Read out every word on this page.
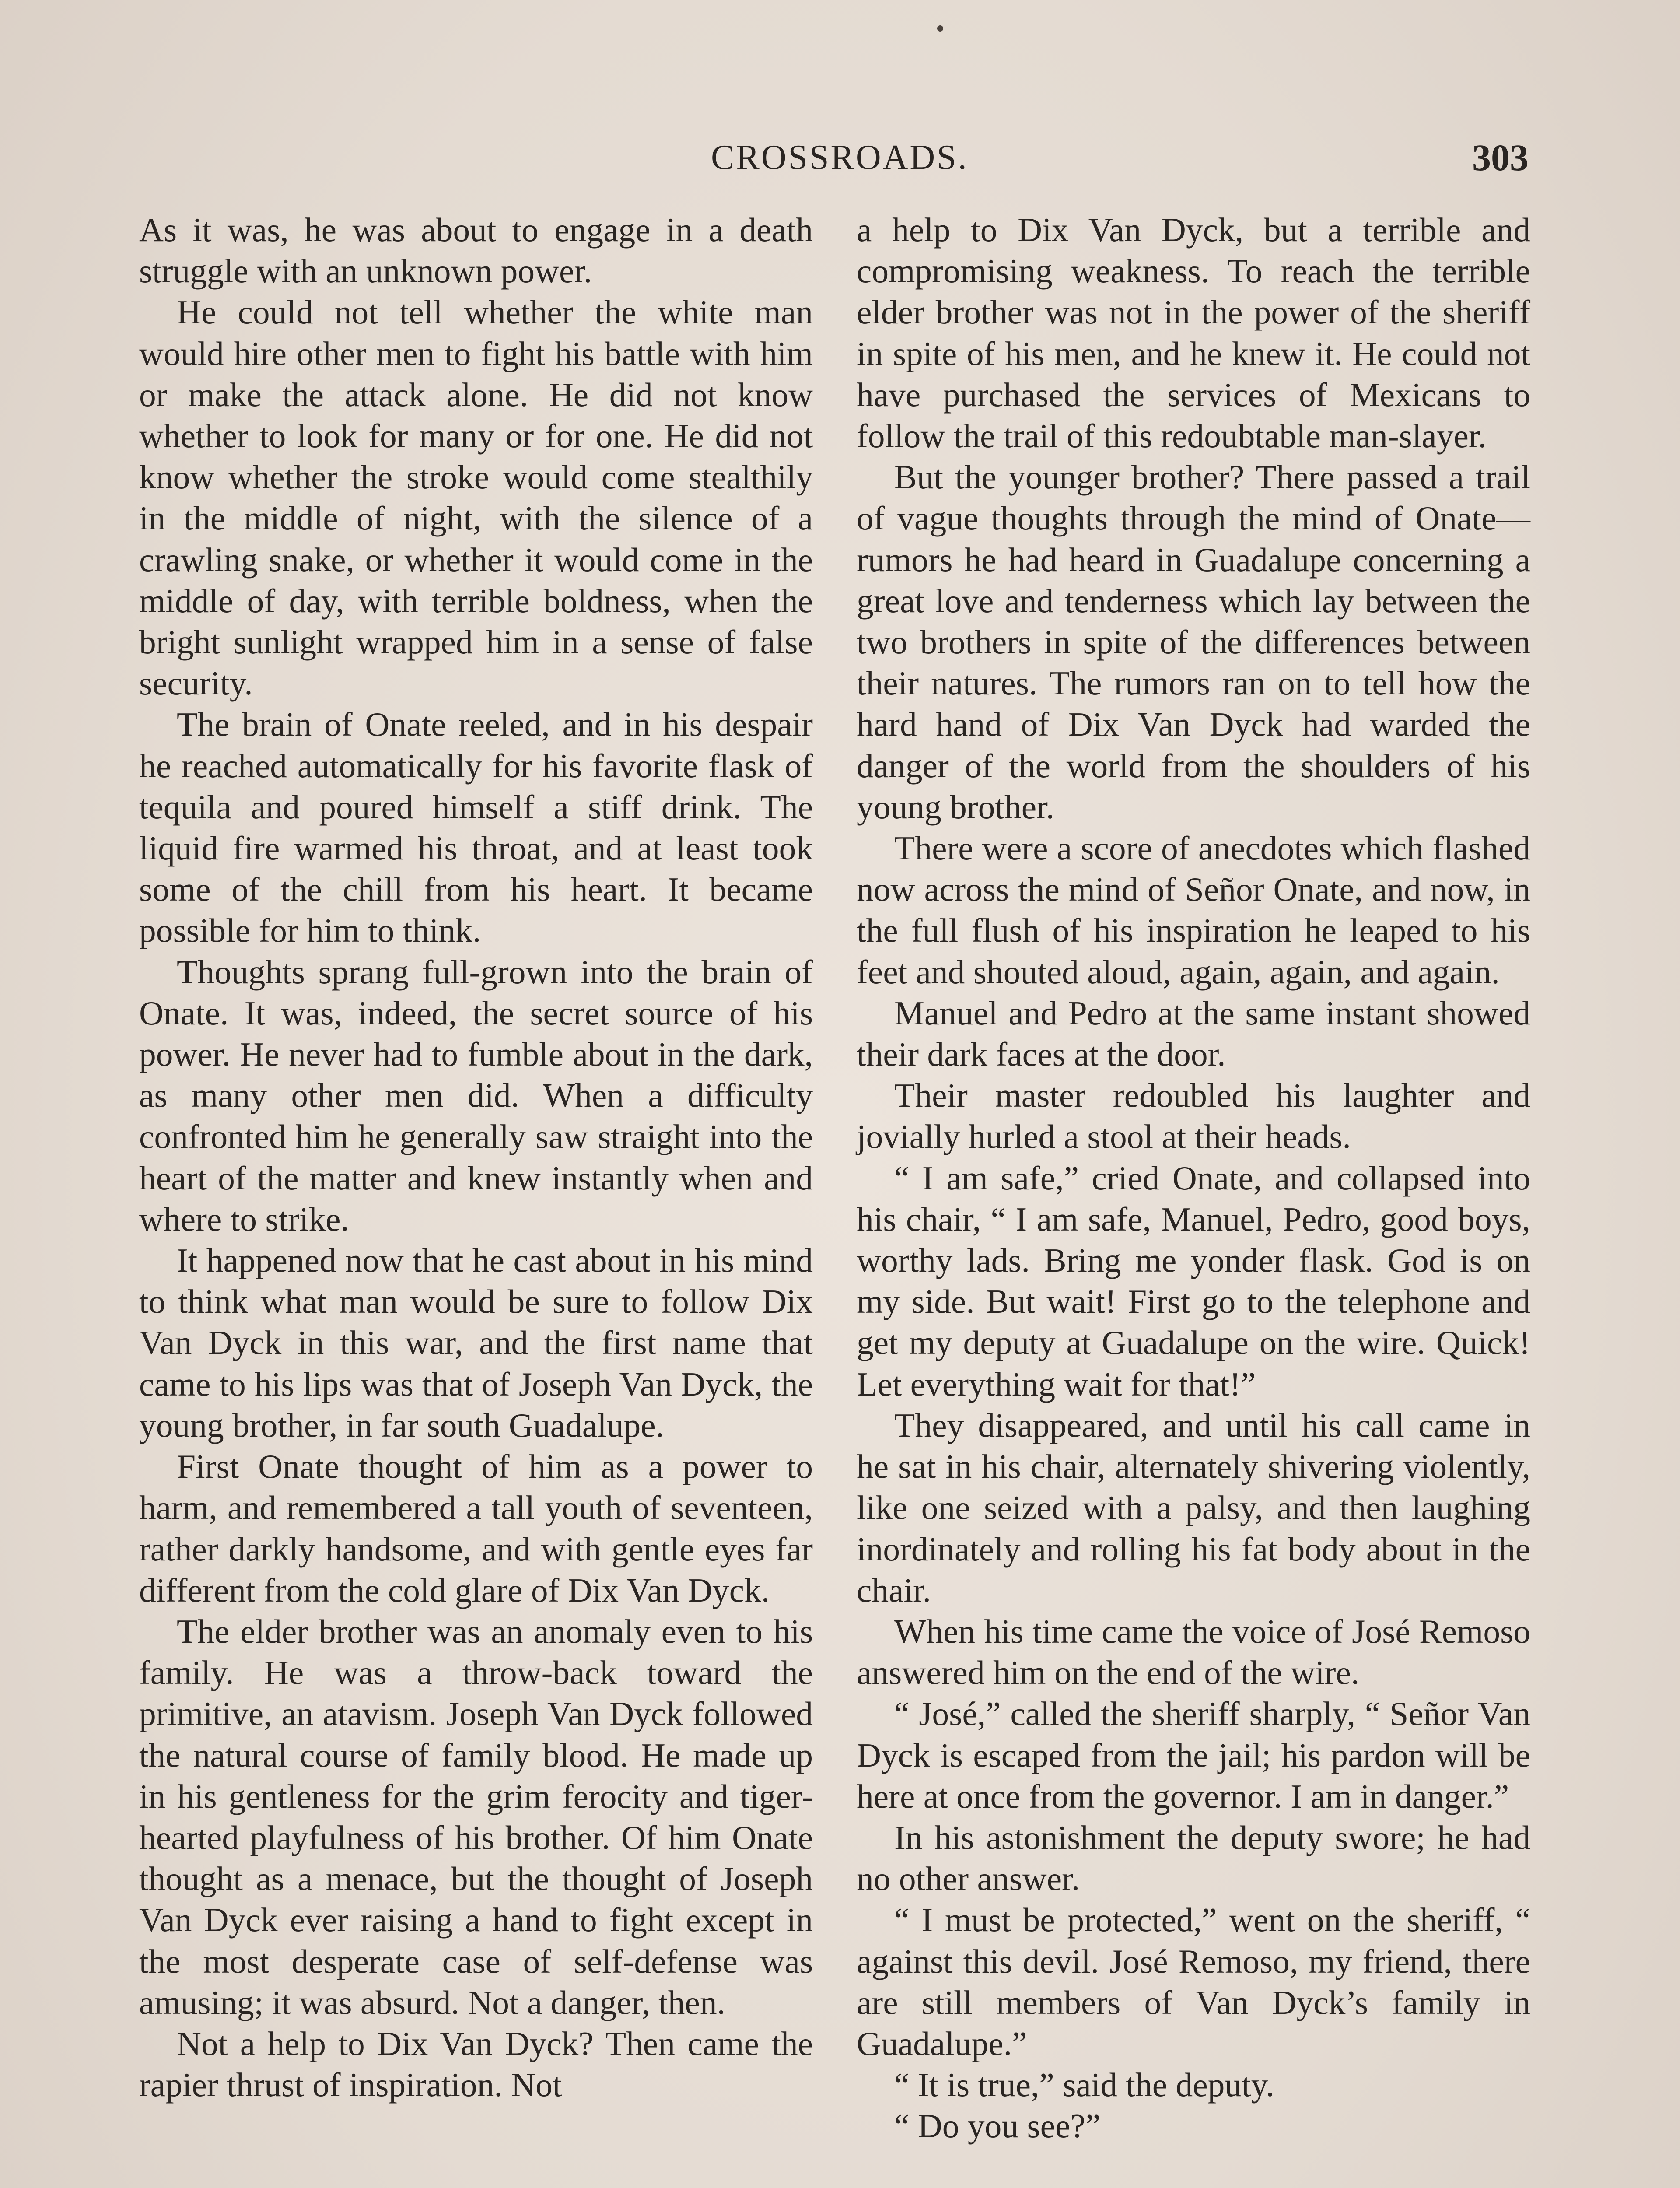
CROSSROADS.	303

As it was, he was about to engage in a death struggle with an unknown power.

He could not tell whether the white man would hire other men to fight his battle with him or make the attack alone. He did not know whether to look for many or for one. He did not know whether the stroke would come stealthily in the middle of night, with the silence of a crawling snake, or whether it would come in the middle of day, with terrible boldness, when the bright sunlight wrapped him in a sense of false security.

The brain of Onate reeled, and in his despair he reached automatically for his favorite flask of tequila and poured himself a stiff drink. The liquid fire warmed his throat, and at least took some of the chill from his heart. It became possible for him to think.

Thoughts sprang full-grown into the brain of Onate. It was, indeed, the secret source of his power. He never had to fumble about in the dark, as many other men did. When a difficulty confronted him he generally saw straight into the heart of the matter and knew instantly when and where to strike.

It happened now that he cast about in his mind to think what man would be sure to follow Dix Van Dyck in this war, and the first name that came to his lips was that of Joseph Van Dyck, the young brother, in far south Guadalupe.

First Onate thought of him as a power to harm, and remembered a tall youth of seventeen, rather darkly handsome, and with gentle eyes far different from the cold glare of Dix Van Dyck.

The elder brother was an anomaly even to his family. He was a throw-back toward the primitive, an atavism. Joseph Van Dyck followed the natural course of family blood. He made up in his gentleness for the grim ferocity and tiger-hearted playfulness of his brother. Of him Onate thought as a menace, but the thought of Joseph Van Dyck ever raising a hand to fight except in the most desperate case of self-defense was amusing; it was absurd. Not a danger, then.

Not a help to Dix Van Dyck? Then came the rapier thrust of inspiration. Not

a help to Dix Van Dyck, but a terrible and compromising weakness. To reach the terrible elder brother was not in the power of the sheriff in spite of his men, and he knew it. He could not have purchased the services of Mexicans to follow the trail of this redoubtable man-slayer.

But the younger brother? There passed a trail of vague thoughts through the mind of Onate—rumors he had heard in Guadalupe concerning a great love and tenderness which lay between the two brothers in spite of the differences between their natures. The rumors ran on to tell how the hard hand of Dix Van Dyck had warded the danger of the world from the shoulders of his young brother.

There were a score of anecdotes which flashed now across the mind of Señor Onate, and now, in the full flush of his inspiration he leaped to his feet and shouted aloud, again, again, and again.

Manuel and Pedro at the same instant showed their dark faces at the door.

Their master redoubled his laughter and jovially hurled a stool at their heads.

“ I am safe,” cried Onate, and collapsed into his chair, “ I am safe, Manuel, Pedro, good boys, worthy lads. Bring me yonder flask. God is on my side. But wait! First go to the telephone and get my deputy at Guadalupe on the wire. Quick! Let everything wait for that!”

They disappeared, and until his call came in he sat in his chair, alternately shivering violently, like one seized with a palsy, and then laughing inordinately and rolling his fat body about in the chair.

When his time came the voice of José Remoso answered him on the end of the wire.

“ José,” called the sheriff sharply, “ Señor Van Dyck is escaped from the jail; his pardon will be here at once from the governor. I am in danger.”

In his astonishment the deputy swore; he had no other answer.

“ I must be protected,” went on the sheriff, “ against this devil. José Remoso, my friend, there are still members of Van Dyck’s family in Guadalupe.”

“ It is true,” said the deputy.

“ Do you see?”
